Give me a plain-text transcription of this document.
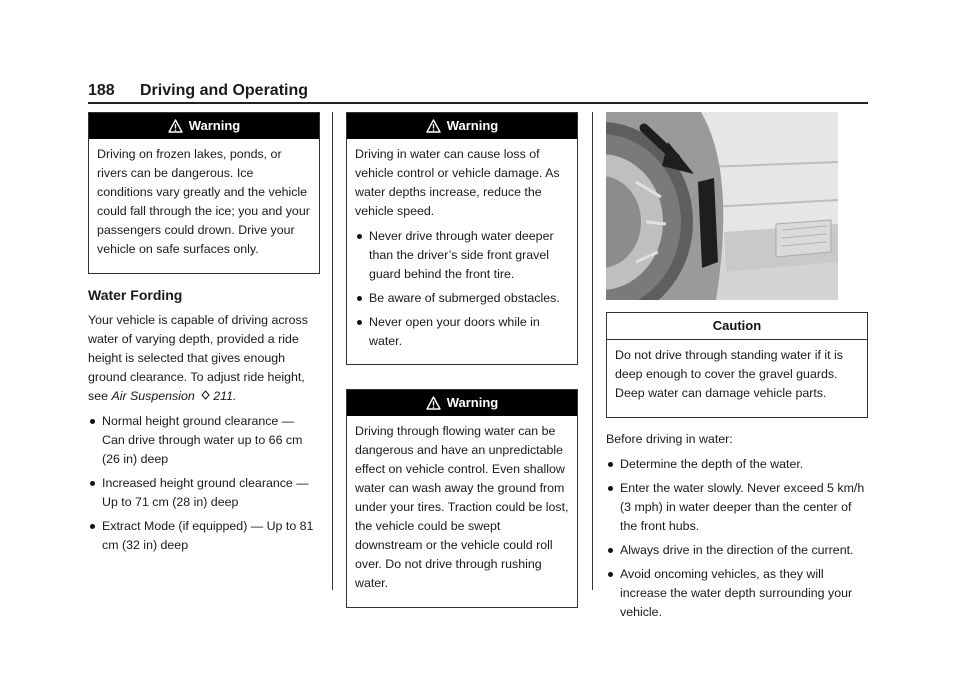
188 Driving and Operating
Warning

Driving on frozen lakes, ponds, or rivers can be dangerous. Ice conditions vary greatly and the vehicle could fall through the ice; you and your passengers could drown. Drive your vehicle on safe surfaces only.

Water Fording

Your vehicle is capable of driving across water of varying depth, provided a ride height is selected that gives enough ground clearance. To adjust ride height, see Air Suspension 211.

Normal height ground clearance — Can drive through water up to 66 cm (26 in) deep
Increased height ground clearance — Up to 71 cm (28 in) deep
Extract Mode (if equipped) — Up to 81 cm (32 in) deep
Warning

Driving in water can cause loss of vehicle control or vehicle damage. As water depths increase, reduce the vehicle speed.

Never drive through water deeper than the driver’s side front gravel guard behind the front tire.
Be aware of submerged obstacles.
Never open your doors while in water.
Warning

Driving through flowing water can be dangerous and have an unpredictable effect on vehicle control. Even shallow water can wash away the ground from under your tires. Traction could be lost, the vehicle could be swept downstream or the vehicle could roll over. Do not drive through rushing water.

Caution

Do not drive through standing water if it is deep enough to cover the gravel guards. Deep water can damage vehicle parts.

Before driving in water:

Determine the depth of the water.
Enter the water slowly. Never exceed 5 km/h (3 mph) in water deeper than the center of the front hubs.
Always drive in the direction of the current.
Avoid oncoming vehicles, as they will increase the water depth surrounding your vehicle.
